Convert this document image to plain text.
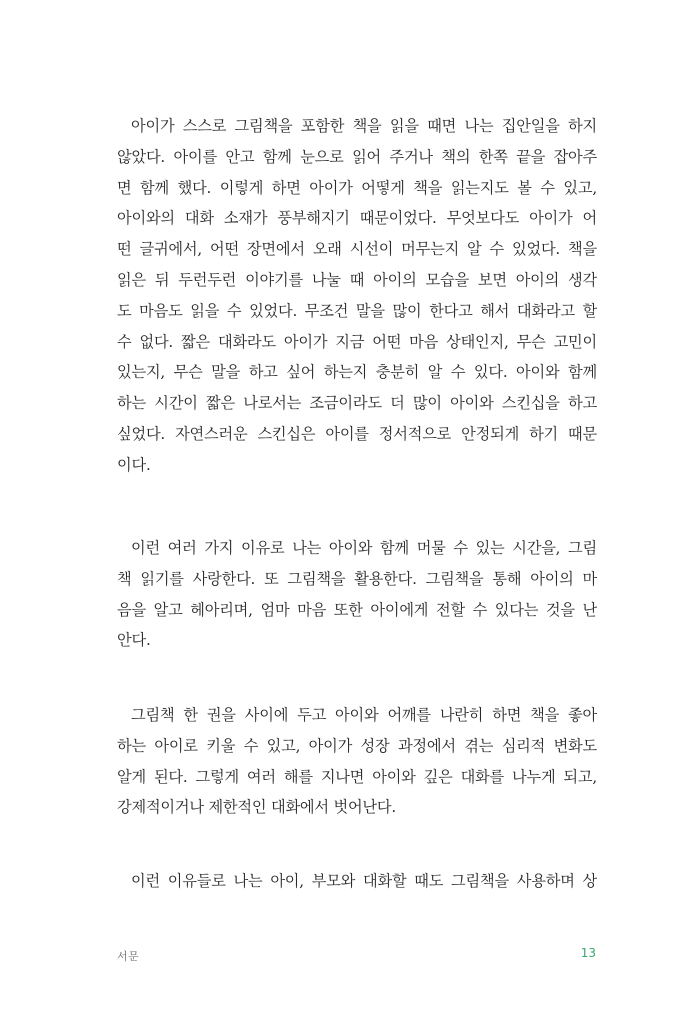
아이가 스스로 그림책을 포함한 책을 읽을 때면 나는 집안일을 하지
않았다. 아이를 안고 함께 눈으로 읽어 주거나 책의 한쪽 끝을 잡아주
면 함께 했다. 이렇게 하면 아이가 어떻게 책을 읽는지도 볼 수 있고,
아이와의 대화 소재가 풍부해지기 때문이었다. 무엇보다도 아이가 어
떤 글귀에서, 어떤 장면에서 오래 시선이 머무는지 알 수 있었다. 책을
읽은 뒤 두런두런 이야기를 나눌 때 아이의 모습을 보면 아이의 생각
도 마음도 읽을 수 있었다. 무조건 말을 많이 한다고 해서 대화라고 할
수 없다. 짧은 대화라도 아이가 지금 어떤 마음 상태인지, 무슨 고민이
있는지, 무슨 말을 하고 싶어 하는지 충분히 알 수 있다. 아이와 함께
하는 시간이 짧은 나로서는 조금이라도 더 많이 아이와 스킨십을 하고
싶었다. 자연스러운 스킨십은 아이를 정서적으로 안정되게 하기 때문
이다.
이런 여러 가지 이유로 나는 아이와 함께 머물 수 있는 시간을, 그림
책 읽기를 사랑한다. 또 그림책을 활용한다. 그림책을 통해 아이의 마
음을 알고 헤아리며, 엄마 마음 또한 아이에게 전할 수 있다는 것을 난
안다.
그림책 한 권을 사이에 두고 아이와 어깨를 나란히 하면 책을 좋아
하는 아이로 키울 수 있고, 아이가 성장 과정에서 겪는 심리적 변화도
알게 된다. 그렇게 여러 해를 지나면 아이와 깊은 대화를 나누게 되고,
강제적이거나 제한적인 대화에서 벗어난다.
이런 이유들로 나는 아이, 부모와 대화할 때도 그림책을 사용하며 상
서문	13
